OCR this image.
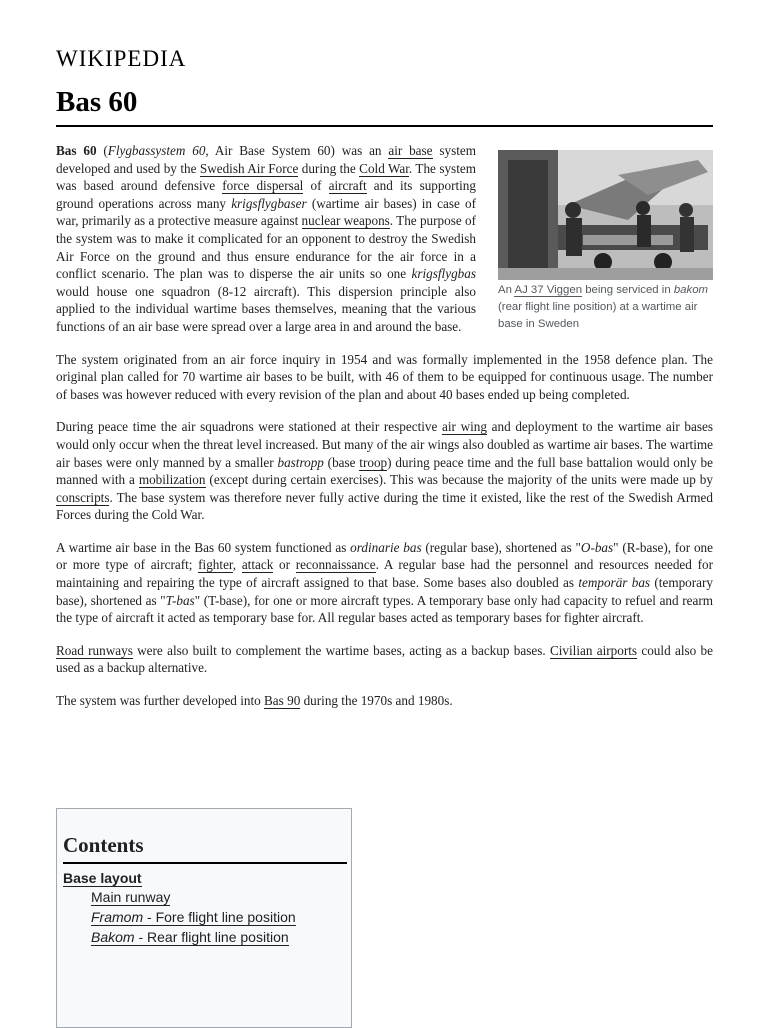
WIKIPEDIA
Bas 60
An AJ 37 Viggen being serviced in bakom (rear flight line position) at a wartime air base in Sweden

Bas 60 (Flygbassystem 60, Air Base System 60) was an air base system developed and used by the Swedish Air Force during the Cold War. The system was based around defensive force dispersal of aircraft and its supporting ground operations across many krigsflygbaser (wartime air bases) in case of war, primarily as a protective measure against nuclear weapons. The purpose of the system was to make it complicated for an opponent to destroy the Swedish Air Force on the ground and thus ensure endurance for the air force in a conflict scenario. The plan was to disperse the air units so one krigsflygbas would house one squadron (8-12 aircraft). This dispersion principle also applied to the individual wartime bases themselves, meaning that the various functions of an air base were spread over a large area in and around the base.

The system originated from an air force inquiry in 1954 and was formally implemented in the 1958 defence plan. The original plan called for 70 wartime air bases to be built, with 46 of them to be equipped for continuous usage. The number of bases was however reduced with every revision of the plan and about 40 bases ended up being completed.

During peace time the air squadrons were stationed at their respective air wing and deployment to the wartime air bases would only occur when the threat level increased. But many of the air wings also doubled as wartime air bases. The wartime air bases were only manned by a smaller bastropp (base troop) during peace time and the full base battalion would only be manned with a mobilization (except during certain exercises). This was because the majority of the units were made up by conscripts. The base system was therefore never fully active during the time it existed, like the rest of the Swedish Armed Forces during the Cold War.

A wartime air base in the Bas 60 system functioned as ordinarie bas (regular base), shortened as "O-bas" (R-base), for one or more type of aircraft; fighter, attack or reconnaissance. A regular base had the personnel and resources needed for maintaining and repairing the type of aircraft assigned to that base. Some bases also doubled as temporär bas (temporary base), shortened as "T-bas" (T-base), for one or more aircraft types. A temporary base only had capacity to refuel and rearm the type of aircraft it acted as temporary base for. All regular bases acted as temporary bases for fighter aircraft.

Road runways were also built to complement the wartime bases, acting as a backup bases. Civilian airports could also be used as a backup alternative.

The system was further developed into Bas 90 during the 1970s and 1980s.

Contents
Base layout
Main runway
Framom - Fore flight line position
Bakom - Rear flight line position
